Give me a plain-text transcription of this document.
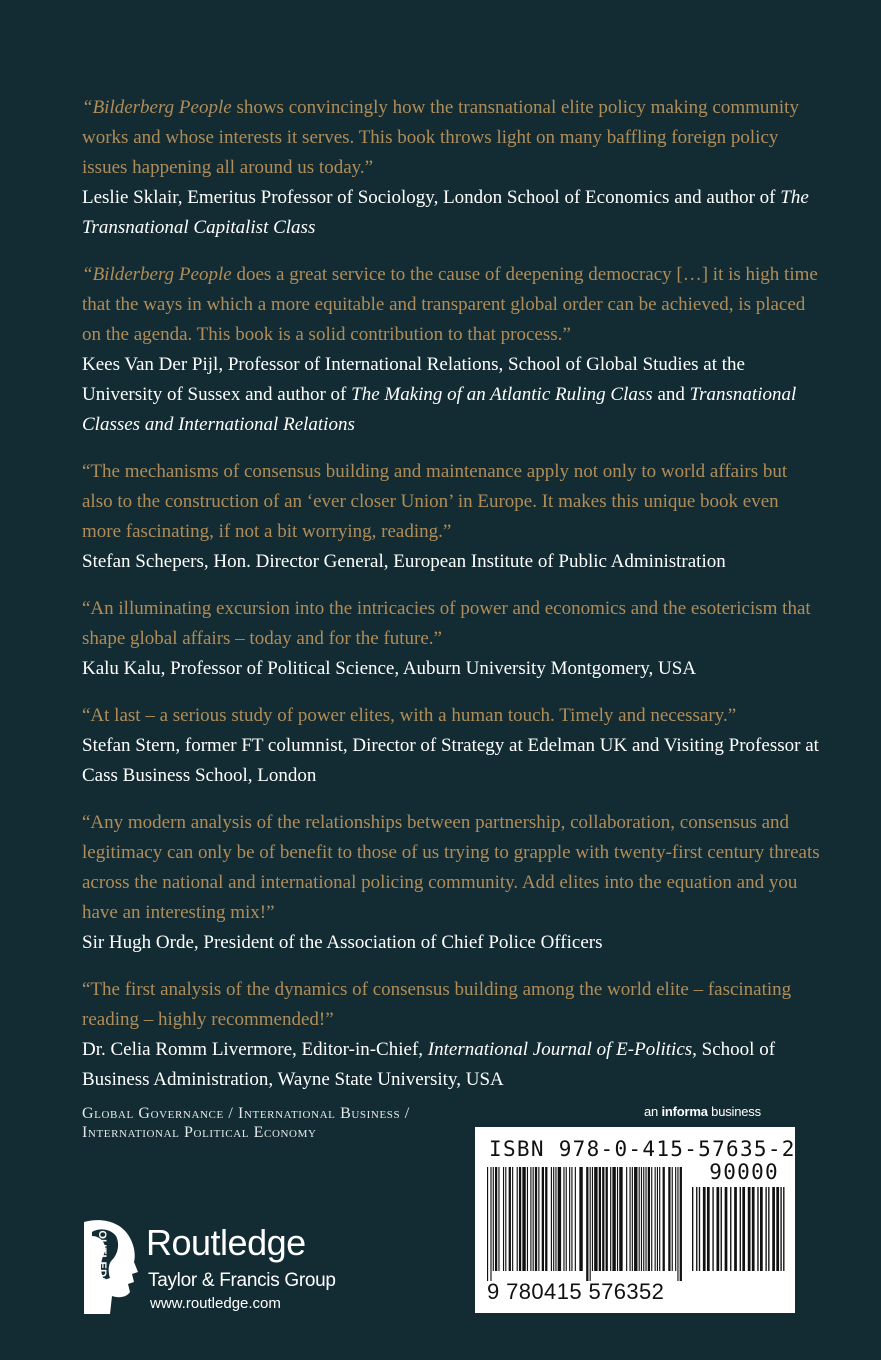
“Bilderberg People shows convincingly how the transnational elite policy making community works and whose interests it serves. This book throws light on many baffling foreign policy issues happening all around us today.”

Leslie Sklair, Emeritus Professor of Sociology, London School of Economics and author of The Transnational Capitalist Class

“Bilderberg People does a great service to the cause of deepening democracy […] it is high time that the ways in which a more equitable and transparent global order can be achieved, is placed on the agenda. This book is a solid contribution to that process.”

Kees Van Der Pijl, Professor of International Relations, School of Global Studies at the University of Sussex and author of The Making of an Atlantic Ruling Class and Transnational Classes and International Relations

“The mechanisms of consensus building and maintenance apply not only to world affairs but also to the construction of an ‘ever closer Union’ in Europe. It makes this unique book even more fascinating, if not a bit worrying, reading.”

Stefan Schepers, Hon. Director General, European Institute of Public Administration

“An illuminating excursion into the intricacies of power and economics and the esotericism that shape global affairs – today and for the future.”

Kalu Kalu, Professor of Political Science, Auburn University Montgomery, USA

“At last – a serious study of power elites, with a human touch. Timely and necessary.”

Stefan Stern, former FT columnist, Director of Strategy at Edelman UK and Visiting Professor at Cass Business School, London

“Any modern analysis of the relationships between partnership, collaboration, consensus and legitimacy can only be of benefit to those of us trying to grapple with twenty-first century threats across the national and international policing community. Add elites into the equation and you have an interesting mix!”

Sir Hugh Orde, President of the Association of Chief Police Officers

“The first analysis of the dynamics of consensus building among the world elite – fascinating reading – highly recommended!”

Dr. Celia Romm Livermore, Editor-in-Chief, International Journal of E-Politics, School of Business Administration, Wayne State University, USA

Global Governance / International Business /
International Political Economy
an informa business
ISBN 978-0-415-57635-2
90000
9 780415 576352
ROUTLEDGE Routledge
Taylor & Francis Group
www.routledge.com
